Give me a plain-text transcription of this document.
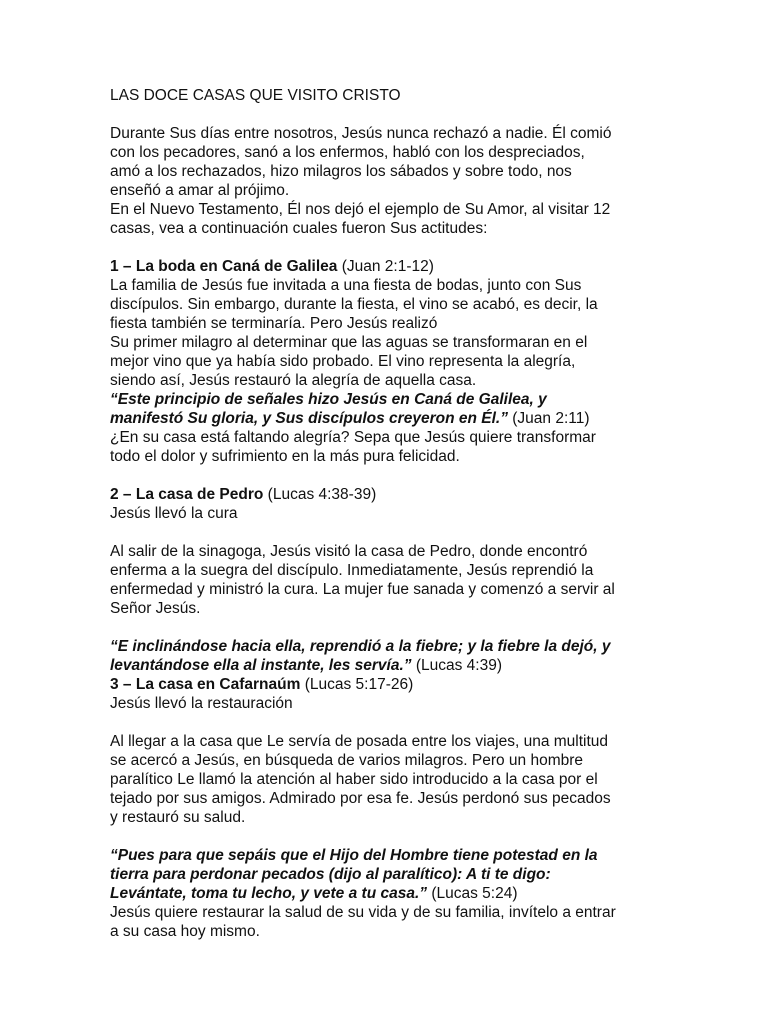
LAS DOCE CASAS QUE VISITO CRISTO
Durante Sus días entre nosotros, Jesús nunca rechazó a nadie. Él comió
con los pecadores, sanó a los enfermos, habló con los despreciados,
amó a los rechazados, hizo milagros los sábados y sobre todo, nos
enseñó a amar al prójimo.
En el Nuevo Testamento, Él nos dejó el ejemplo de Su Amor, al visitar 12
casas, vea a continuación cuales fueron Sus actitudes:
1 – La boda en Caná de Galilea (Juan 2:1-12)
La familia de Jesús fue invitada a una fiesta de bodas, junto con Sus
discípulos. Sin embargo, durante la fiesta, el vino se acabó, es decir, la
fiesta también se terminaría. Pero Jesús realizó
Su primer milagro al determinar que las aguas se transformaran en el
mejor vino que ya había sido probado. El vino representa la alegría,
siendo así, Jesús restauró la alegría de aquella casa.
“Este principio de señales hizo Jesús en Caná de Galilea, y
manifestó Su gloria, y Sus discípulos creyeron en Él.” (Juan 2:11)
¿En su casa está faltando alegría? Sepa que Jesús quiere transformar
todo el dolor y sufrimiento en la más pura felicidad.
2 – La casa de Pedro (Lucas 4:38-39)
Jesús llevó la cura
Al salir de la sinagoga, Jesús visitó la casa de Pedro, donde encontró
enferma a la suegra del discípulo. Inmediatamente, Jesús reprendió la
enfermedad y ministró la cura. La mujer fue sanada y comenzó a servir al
Señor Jesús.
“E inclinándose hacia ella, reprendió a la fiebre; y la fiebre la dejó, y
levantándose ella al instante, les servía.” (Lucas 4:39)
3 – La casa en Cafarnaúm (Lucas 5:17-26)
Jesús llevó la restauración
Al llegar a la casa que Le servía de posada entre los viajes, una multitud
se acercó a Jesús, en búsqueda de varios milagros. Pero un hombre
paralítico Le llamó la atención al haber sido introducido a la casa por el
tejado por sus amigos. Admirado por esa fe. Jesús perdonó sus pecados
y restauró su salud.
“Pues para que sepáis que el Hijo del Hombre tiene potestad en la
tierra para perdonar pecados (dijo al paralítico): A ti te digo:
Levántate, toma tu lecho, y vete a tu casa.” (Lucas 5:24)
Jesús quiere restaurar la salud de su vida y de su familia, invítelo a entrar
a su casa hoy mismo.
